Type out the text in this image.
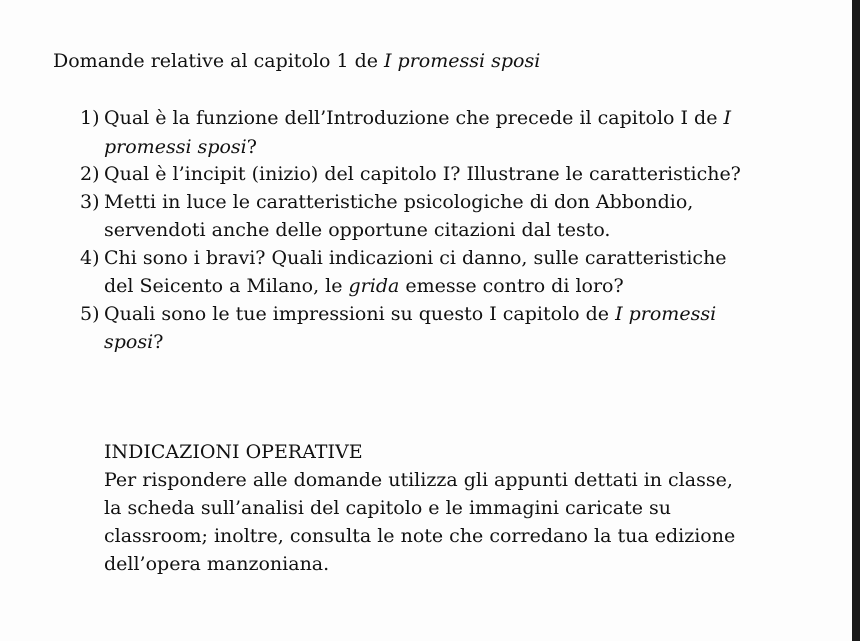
Domande relative al capitolo 1 de I promessi sposi
1) Qual è la funzione dell’Introduzione che precede il capitolo I de I
promessi sposi?
2) Qual è l’incipit (inizio) del capitolo I? Illustrane le caratteristiche?
3) Metti in luce le caratteristiche psicologiche di don Abbondio,
servendoti anche delle opportune citazioni dal testo.
4) Chi sono i bravi? Quali indicazioni ci danno, sulle caratteristiche
del Seicento a Milano, le grida emesse contro di loro?
5) Quali sono le tue impressioni su questo I capitolo de I promessi
sposi?
INDICAZIONI OPERATIVE
Per rispondere alle domande utilizza gli appunti dettati in classe,
la scheda sull’analisi del capitolo e le immagini caricate su
classroom; inoltre, consulta le note che corredano la tua edizione
dell’opera manzoniana.
